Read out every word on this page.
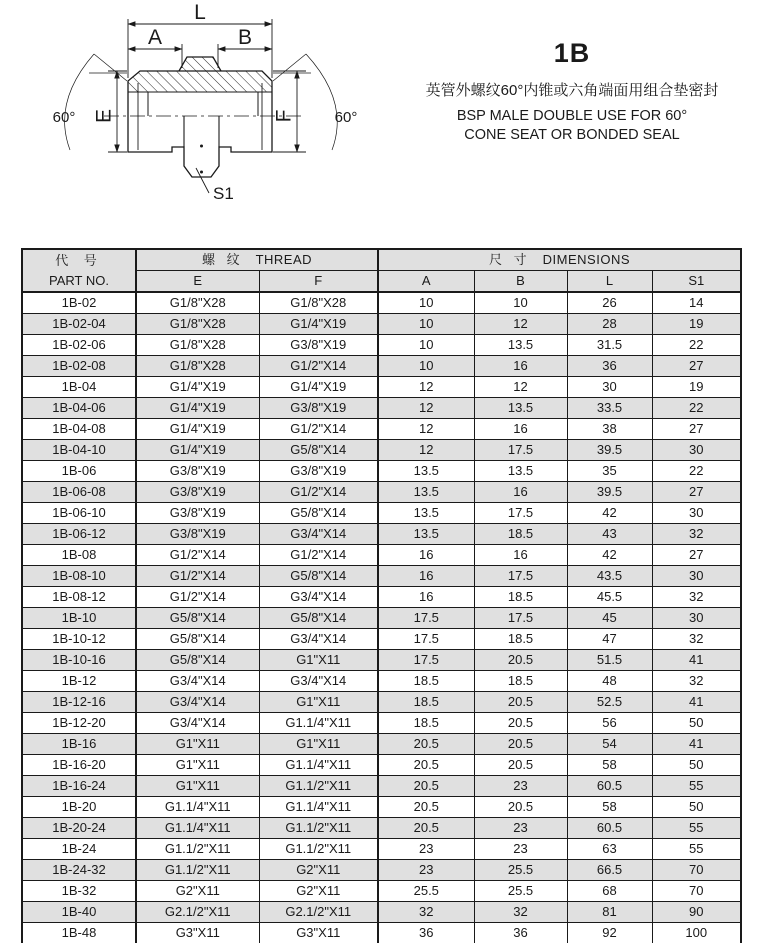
L
A	B
E	F
60°	60°
S1
1B
英管外螺纹60°内锥或六角端面用组合垫密封
BSP MALE DOUBLE USE FOR 60°
CONE SEAT OR BONDED SEAL
代 号
PART NO.	螺 纹 THREAD		尺 寸 DIMENSIONS			
	E	F	A	B	L	S1
1B-02	G1/8"X28	G1/8"X28	10	10	26	14
1B-02-04	G1/8"X28	G1/4"X19	10	12	28	19
1B-02-06	G1/8"X28	G3/8"X19	10	13.5	31.5	22
1B-02-08	G1/8"X28	G1/2"X14	10	16	36	27
1B-04	G1/4"X19	G1/4"X19	12	12	30	19
1B-04-06	G1/4"X19	G3/8"X19	12	13.5	33.5	22
1B-04-08	G1/4"X19	G1/2"X14	12	16	38	27
1B-04-10	G1/4"X19	G5/8"X14	12	17.5	39.5	30
1B-06	G3/8"X19	G3/8"X19	13.5	13.5	35	22
1B-06-08	G3/8"X19	G1/2"X14	13.5	16	39.5	27
1B-06-10	G3/8"X19	G5/8"X14	13.5	17.5	42	30
1B-06-12	G3/8"X19	G3/4"X14	13.5	18.5	43	32
1B-08	G1/2"X14	G1/2"X14	16	16	42	27
1B-08-10	G1/2"X14	G5/8"X14	16	17.5	43.5	30
1B-08-12	G1/2"X14	G3/4"X14	16	18.5	45.5	32
1B-10	G5/8"X14	G5/8"X14	17.5	17.5	45	30
1B-10-12	G5/8"X14	G3/4"X14	17.5	18.5	47	32
1B-10-16	G5/8"X14	G1"X11	17.5	20.5	51.5	41
1B-12	G3/4"X14	G3/4"X14	18.5	18.5	48	32
1B-12-16	G3/4"X14	G1"X11	18.5	20.5	52.5	41
1B-12-20	G3/4"X14	G1.1/4"X11	18.5	20.5	56	50
1B-16	G1"X11	G1"X11	20.5	20.5	54	41
1B-16-20	G1"X11	G1.1/4"X11	20.5	20.5	58	50
1B-16-24	G1"X11	G1.1/2"X11	20.5	23	60.5	55
1B-20	G1.1/4"X11	G1.1/4"X11	20.5	20.5	58	50
1B-20-24	G1.1/4"X11	G1.1/2"X11	20.5	23	60.5	55
1B-24	G1.1/2"X11	G1.1/2"X11	23	23	63	55
1B-24-32	G1.1/2"X11	G2"X11	23	25.5	66.5	70
1B-32	G2"X11	G2"X11	25.5	25.5	68	70
1B-40	G2.1/2"X11	G2.1/2"X11	32	32	81	90
1B-48	G3"X11	G3"X11	36	36	92	100
